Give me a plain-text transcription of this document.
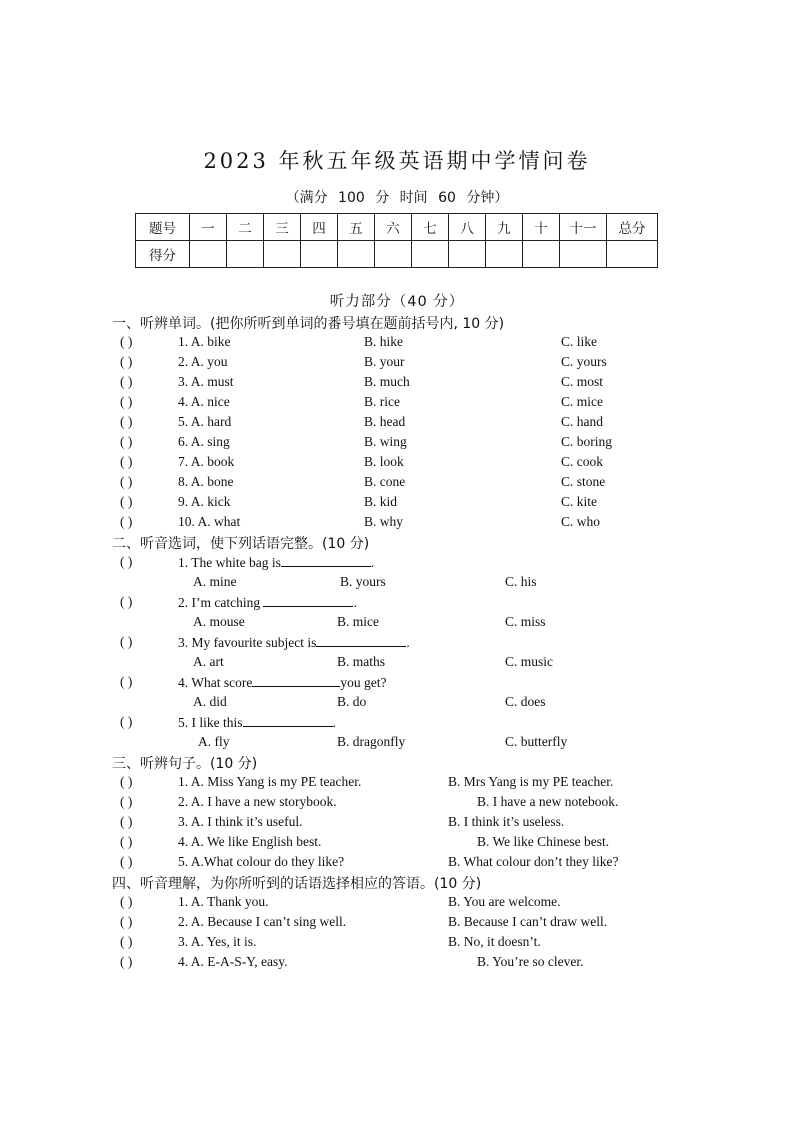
2023 年秋五年级英语期中学情问卷
（满分 100 分 时间 60 分钟）
题号	一	二	三	四	五	六	七	八	九	十	十一	总分
得分												
听力部分（40 分）
一、听辨单词。(把你所听到单词的番号填在题前括号内, 10 分)
( )	1. A. bike	B. hike	C. like
( )	2. A. you	B. your	C. yours
( )	3. A. must	B. much	C. most
( )	4. A. nice	B. rice	C. mice
( )	5. A. hard	B. head	C. hand
( )	6. A. sing	B. wing	C. boring
( )	7. A. book	B. look	C. cook
( )	8. A. bone	B. cone	C. stone
( )	9. A. kick	B. kid	C. kite
( )	10. A. what	B. why	C. who
二、听音选词，使下列话语完整。(10 分)
( )	1. The white bag is	.
A. mine	B. yours	C. his
( )	2. I’m catching	.
A. mouse	B. mice	C. miss
( )	3. My favourite subject is	.
A. art	B. maths	C. music
( )	4. What score	you get?
A. did	B. do	C. does
( )	5. I like this	.
A. fly	B. dragonfly	C. butterfly
三、听辨句子。(10 分)
( )	1. A. Miss Yang is my PE teacher.	B. Mrs Yang is my PE teacher.
( )	2. A. I have a new storybook.	B. I have a new notebook.
( )	3. A. I think it’s useful.	B. I think it’s useless.
( )	4. A. We like English best.	B. We like Chinese best.
( )	5. A.What colour do they like?	B. What colour don’t they like?
四、听音理解，为你所听到的话语选择相应的答语。(10 分)
( )	1. A. Thank you.	B. You are welcome.
( )	2. A. Because I can’t sing well.	B. Because I can’t draw well.
( )	3. A. Yes, it is.	B. No, it doesn’t.
( )	4. A. E-A-S-Y, easy.	B. You’re so clever.
